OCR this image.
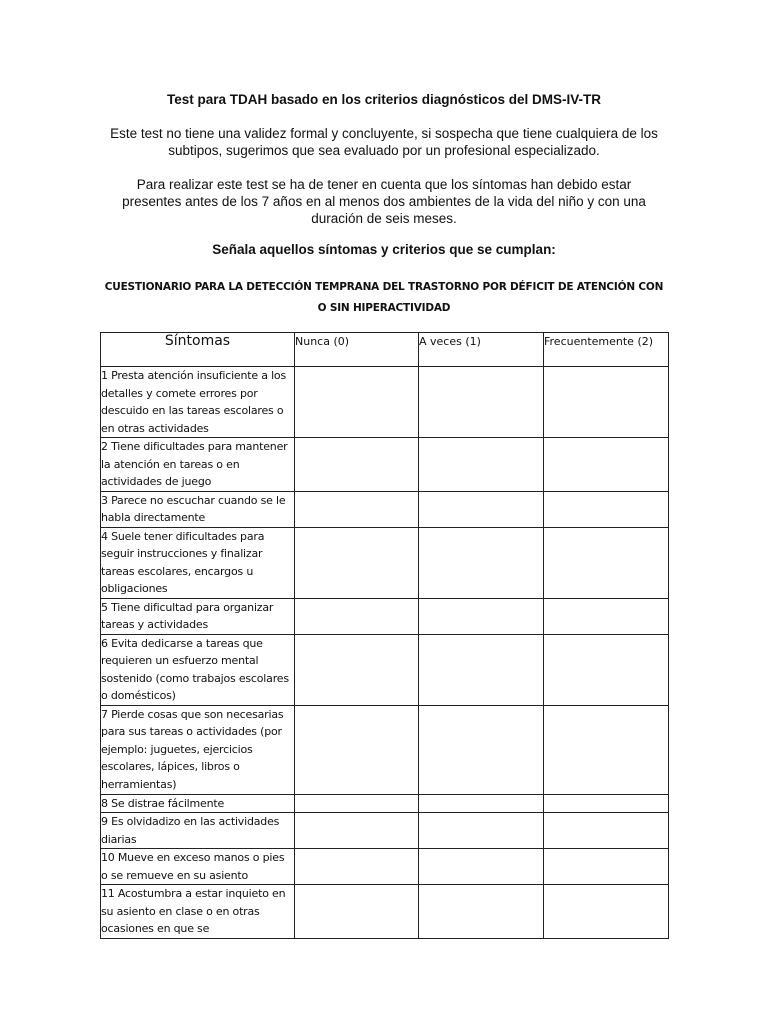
Test para TDAH basado en los criterios diagnósticos del DMS-IV-TR
Este test no tiene una validez formal y concluyente, si sospecha que tiene cualquiera de los subtipos, sugerimos que sea evaluado por un profesional especializado.
Para realizar este test se ha de tener en cuenta que los síntomas han debido estar presentes antes de los 7 años en al menos dos ambientes de la vida del niño y con una duración de seis meses.
Señala aquellos síntomas y criterios que se cumplan:
CUESTIONARIO PARA LA DETECCIÓN TEMPRANA DEL TRASTORNO POR DÉFICIT DE ATENCIÓN CON O SIN HIPERACTIVIDAD
Síntomas	Nunca (0)	A veces (1)	Frecuentemente (2)
1 Presta atención insuficiente a los detalles y comete errores por descuido en las tareas escolares o en otras actividades			
2 Tiene dificultades para mantener la atención en tareas o en actividades de juego			
3 Parece no escuchar cuando se le habla directamente			
4 Suele tener dificultades para seguir instrucciones y finalizar tareas escolares, encargos u obligaciones			
5 Tiene dificultad para organizar tareas y actividades			
6 Evita dedicarse a tareas que requieren un esfuerzo mental sostenido (como trabajos escolares o domésticos)			
7 Pierde cosas que son necesarias para sus tareas o actividades (por ejemplo: juguetes, ejercicios escolares, lápices, libros o herramientas)			
8 Se distrae fácilmente			
9 Es olvidadizo en las actividades diarias			
10 Mueve en exceso manos o pies o se remueve en su asiento			
11 Acostumbra a estar inquieto en su asiento en clase o en otras ocasiones en que se			
